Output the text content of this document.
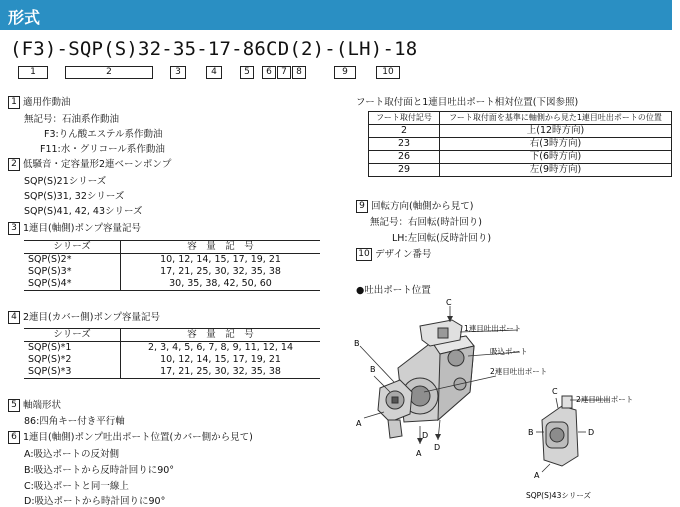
形式
(F3)-SQP(S)32-35-17-86CD(2)-(LH)-18
1	2	3	4	5	6	7	8	9	10
1 適用作動油
無記号：石油系作動油
F3:りん酸エステル系作動油
F11:水・グリコール系作動油
2 低騒音・定容量形2連ベーンポンプ
SQP(S)21シリーズ
SQP(S)31, 32シリーズ
SQP(S)41, 42, 43シリーズ
3 1連目(軸側)ポンプ容量記号
シリーズ	容　量　記　号
SQP(S)2*	10, 12, 14, 15, 17, 19, 21
SQP(S)3*	17, 21, 25, 30, 32, 35, 38
SQP(S)4*	30, 35, 38, 42, 50, 60
4 2連目(カバー側)ポンプ容量記号
シリーズ	容　量　記　号
SQP(S)*1	2, 3, 4, 5, 6, 7, 8, 9, 11, 12, 14
SQP(S)*2	10, 12, 14, 15, 17, 19, 21
SQP(S)*3	17, 21, 25, 30, 32, 35, 38
5 軸端形状
86:四角キー付き平行軸
6 1連目(軸側)ポンプ吐出ポート位置(カバー側から見て)
A:吸込ポートの反対側
B:吸込ポートから反時計回りに90°
C:吸込ポートと同一線上
D:吸込ポートから時計回りに90°
フート取付面と1連目吐出ポート相対位置(下図参照)
フート取付記号	フート取付面を基準に軸側から見た1連目吐出ポートの位置
2	上(12時方向)
23	右(3時方向)
26	下(6時方向)
29	左(9時方向)
9 回転方向(軸側から見て)
無記号：右回転(時計回り)
LH:左回転(反時計回り)
10 デザイン番号
●吐出ポート位置
C
1連目吐出ポート
吸込ポート
B
B	2連目吐出ポート
A
A
D
D
C
2連目吐出ポート
B	D
A
SQP(S)43シリーズ
